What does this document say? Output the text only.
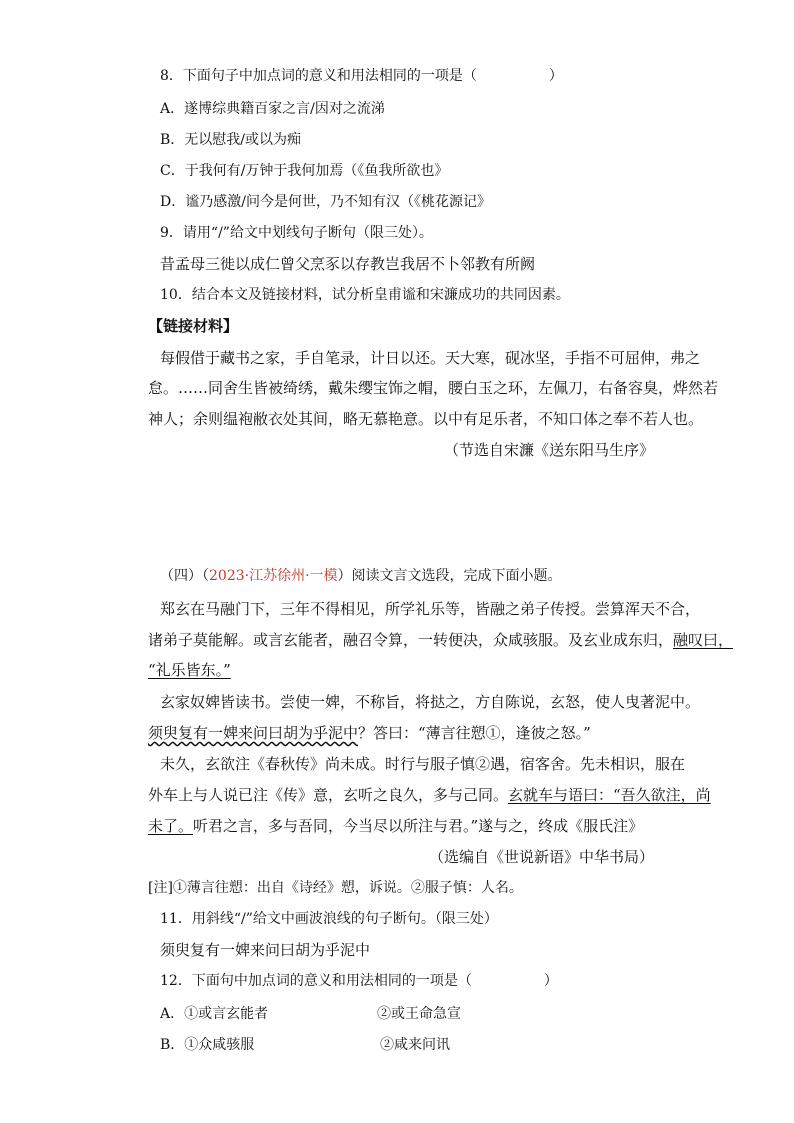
8．下面句子中加点词的意义和用法相同的一项是（	）
A．遂博综典籍百家之言/因对之流涕
B．无以慰我/或以为痴
C．于我何有/万钟于我何加焉（《鱼我所欲也》
D．谧乃感激/问今是何世，乃不知有汉（《桃花源记》
9．请用“/”给文中划线句子断句（限三处）。
昔孟母三徙以成仁曾父烹豕以存教岂我居不卜邻教有所阙
10．结合本文及链接材料，试分析皇甫谧和宋濂成功的共同因素。
【链接材料】
每假借于藏书之家，手自笔录，计日以还。天大寒，砚冰坚，手指不可屈伸，弗之
怠。……同舍生皆被绮绣，戴朱缨宝饰之帽，腰白玉之环，左佩刀，右备容臭，烨然若
神人；余则缊袍敝衣处其间，略无慕艳意。以中有足乐者，不知口体之奉不若人也。
（节选自宋濂《送东阳马生序》
（四）（2023·江苏徐州·一模）阅读文言文选段，完成下面小题。
郑玄在马融门下，三年不得相见，所学礼乐等，皆融之弟子传授。尝算浑天不合，
诸弟子莫能解。或言玄能者，融召令算，一转便决，众咸骇服。及玄业成东归，融叹曰，
“礼乐皆东。”
玄家奴婢皆读书。尝使一婢，不称旨，将挞之，方自陈说，玄怒，使人曳著泥中。
须臾复有一婢来问曰胡为乎泥中？答曰：“薄言往愬①，逢彼之怒。”
未久，玄欲注《春秋传》尚未成。时行与服子慎②遇，宿客舍。先未相识，服在
外车上与人说已注《传》意，玄听之良久，多与己同。玄就车与语曰：“吾久欲注，尚
未了。听君之言，多与吾同，今当尽以所注与君。”遂与之，终成《服氏注》
（选编自《世说新语》中华书局）
[注]①薄言往愬：出自《诗经》愬，诉说。②服子慎：人名。
11．用斜线“/”给文中画波浪线的句子断句。（限三处）
须臾复有一婢来问曰胡为乎泥中
12．下面句中加点词的意义和用法相同的一项是（	）
A．①或言玄能者	②或王命急宣
B．①众咸骇服	②咸来问讯
